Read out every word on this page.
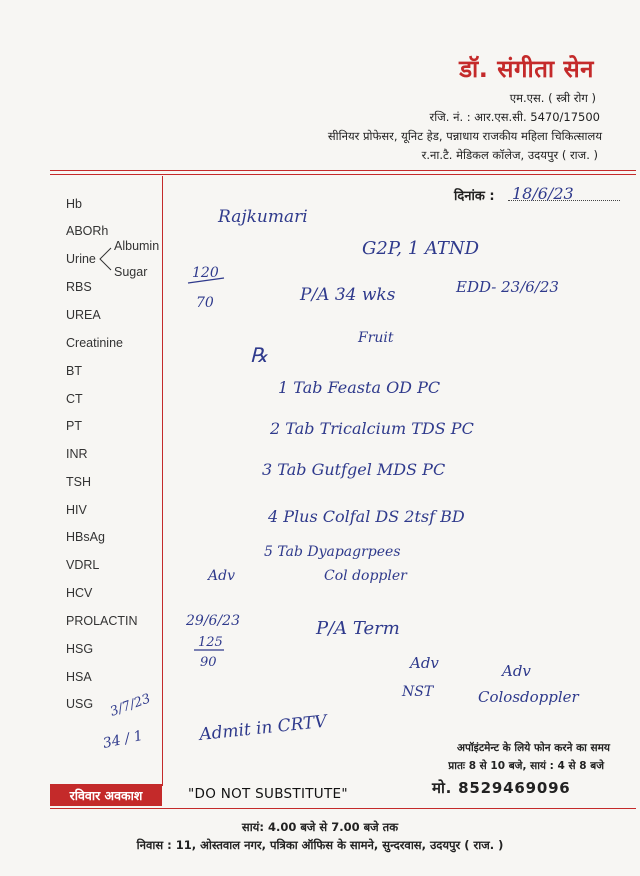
डॉ. संगीता सेन
एम.एस. ( स्त्री रोग )
रजि. नं. : आर.एस.सी. 5470/17500
सीनियर प्रोफेसर, यूनिट हेड, पन्नाधाय राजकीय महिला चिकित्सालय
र.ना.टै. मेडिकल कॉलेज, उदयपुर ( राज. )
दिनांक :
Hb
ABORh
Urine
Albumin
Sugar
RBS
UREA
Creatinine
BT
CT
PT
INR
TSH
HIV
HBsAg
VDRL
HCV
PROLACTIN
HSG
HSA
USG
18/6/23
Rajkumari
G2P, 1 ATND
EDD- 23/6/23
120
70	P/A 34 wks
Fruit
℞
1 Tab Feasta OD PC
2 Tab Tricalcium TDS PC
3 Tab Gutfgel MDS PC
4 Plus Colfal DS 2tsf BD
5 Tab Dyapagrpees
Adv	Col doppler
29/6/23
125
90
P/A Term
Adv
NST
Adv
Colosdoppler
3/7/23
34 / 1	Admit in CRTV
अपॉइंटमेन्ट के लिये फोन करने का समय
प्रातः 8 से 10 बजे, सायं : 4 से 8 बजे
रविवार अवकाश	"DO NOT SUBSTITUTE"	मो. 8529469096
सायं: 4.00 बजे से 7.00 बजे तक
निवास : 11, ओस्तवाल नगर, पत्रिका ऑफिस के सामने, सुन्दरवास, उदयपुर ( राज. )
